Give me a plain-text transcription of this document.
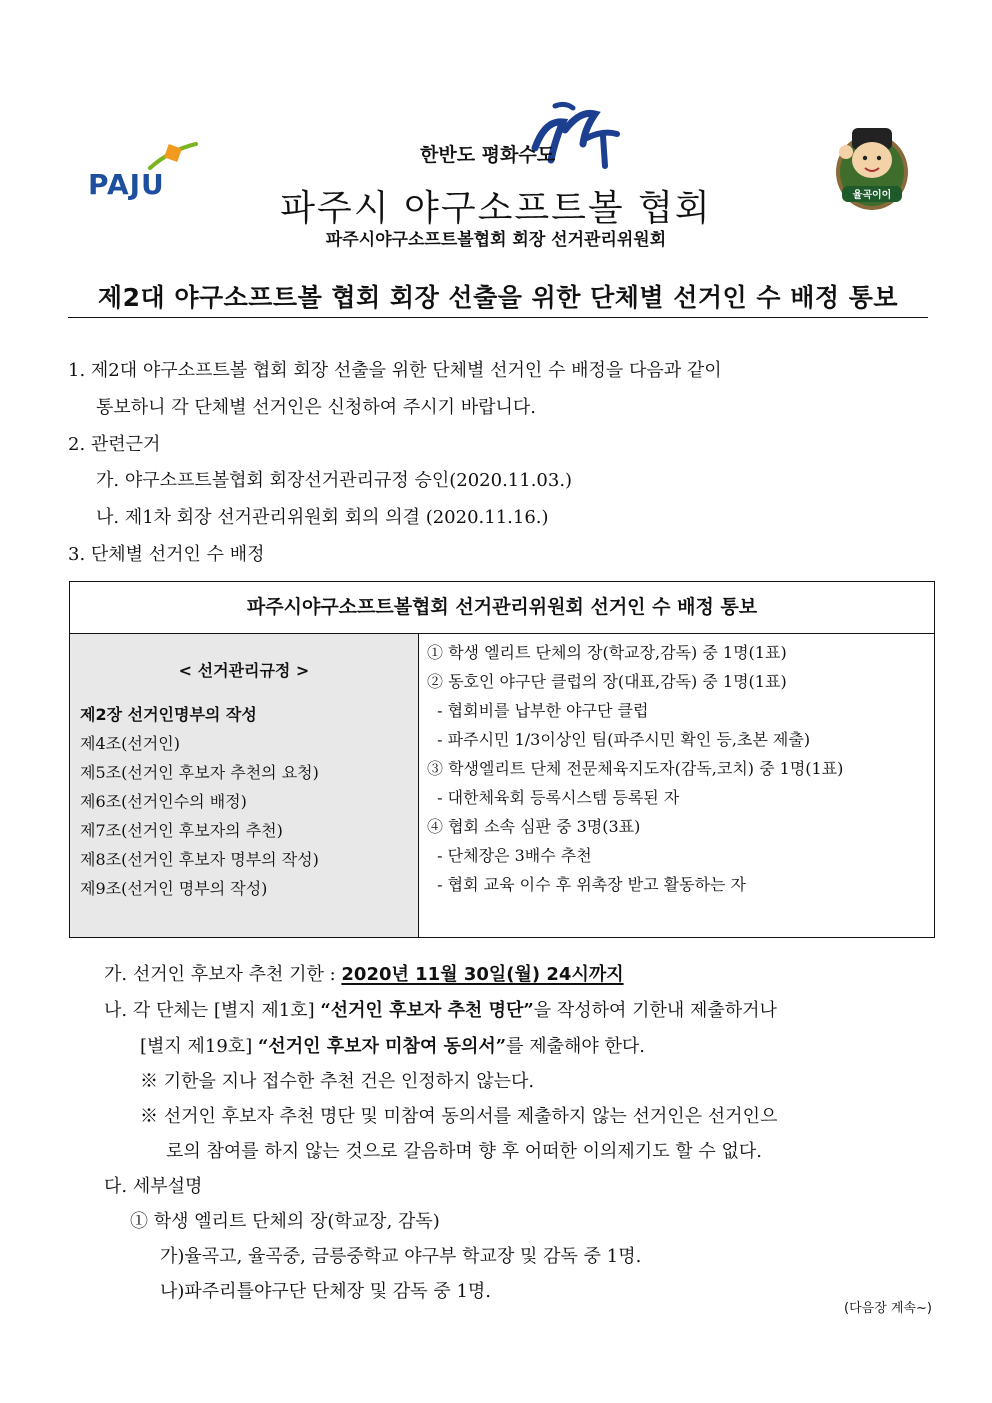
PAJU
한반도 평화수도
율곡이이
파주시 야구소프트볼 협회
파주시야구소프트볼협회 회장 선거관리위원회
제2대 야구소프트볼 협회 회장 선출을 위한 단체별 선거인 수 배정 통보
1. 제2대 야구소프트볼 협회 회장 선출을 위한 단체별 선거인 수 배정을 다음과 같이
통보하니 각 단체별 선거인은 신청하여 주시기 바랍니다.
2. 관련근거
가. 야구소프트볼협회 회장선거관리규정 승인(2020.11.03.)
나. 제1차 회장 선거관리위원회 회의 의결 (2020.11.16.)
3. 단체별 선거인 수 배정
파주시야구소프트볼협회 선거관리위원회 선거인 수 배정 통보
< 선거관리규정 >
제2장 선거인명부의 작성
제4조(선거인)
제5조(선거인 후보자 추천의 요청)
제6조(선거인수의 배정)
제7조(선거인 후보자의 추천)
제8조(선거인 후보자 명부의 작성)
제9조(선거인 명부의 작성)
① 학생 엘리트 단체의 장(학교장,감독) 중 1명(1표)
② 동호인 야구단 클럽의 장(대표,감독) 중 1명(1표)
- 협회비를 납부한 야구단 클럽
- 파주시민 1/3이상인 팀(파주시민 확인 등,초본 제출)
③ 학생엘리트 단체 전문체육지도자(감독,코치) 중 1명(1표)
- 대한체육회 등록시스템 등록된 자
④ 협회 소속 심판 중 3명(3표)
- 단체장은 3배수 추천
- 협회 교육 이수 후 위촉장 받고 활동하는 자
가. 선거인 후보자 추천 기한 : 2020년 11월 30일(월) 24시까지
나. 각 단체는 [별지 제1호] “선거인 후보자 추천 명단”을 작성하여 기한내 제출하거나
[별지 제19호] “선거인 후보자 미참여 동의서”를 제출해야 한다.
※ 기한을 지나 접수한 추천 건은 인정하지 않는다.
※ 선거인 후보자 추천 명단 및 미참여 동의서를 제출하지 않는 선거인은 선거인으
로의 참여를 하지 않는 것으로 갈음하며 향 후 어떠한 이의제기도 할 수 없다.
다. 세부설명
① 학생 엘리트 단체의 장(학교장, 감독)
가)율곡고, 율곡중, 금릉중학교 야구부 학교장 및 감독 중 1명.
나)파주리틀야구단 단체장 및 감독 중 1명.
(다음장 계속~)
